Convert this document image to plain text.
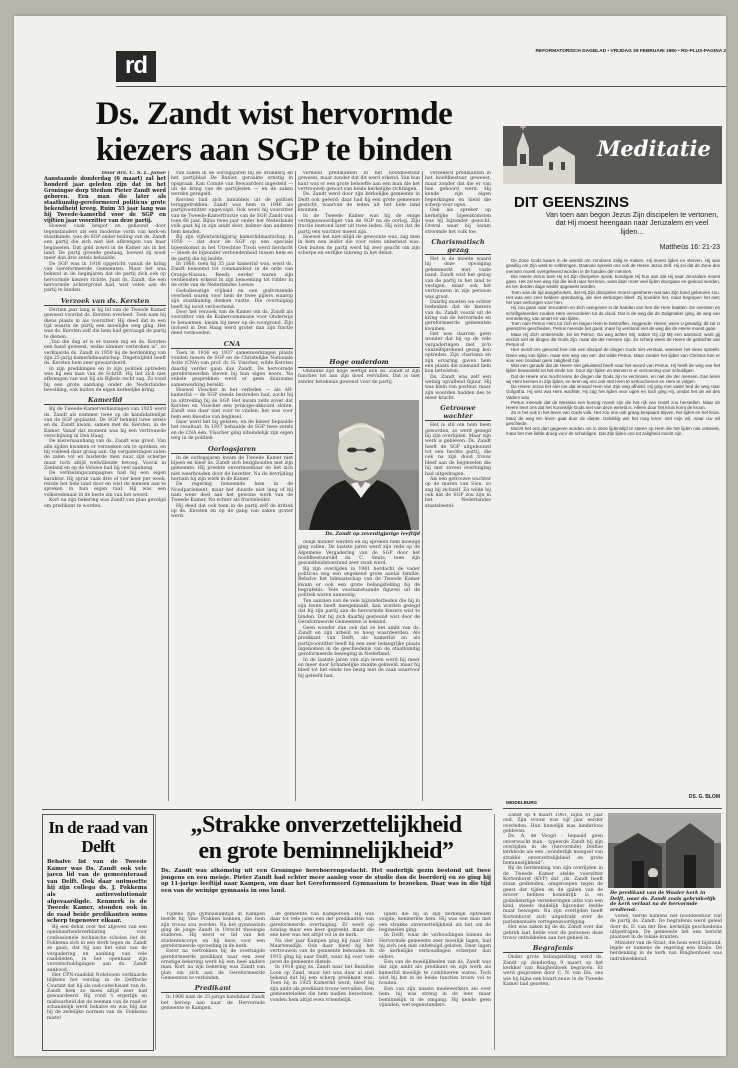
rd
REFORMATORISCH DAGBLAD • VRIJDAG 29 FEBRUARI 1980 • RD-PLUS-PAGINA 2
Ds. Zandt wist hervormde
kiezers aan SGP te binden
Door drs. C. S. L. Janse

Aanstaande donderdag (6 maart) zal het honderd jaar geleden zijn dat in het Groningse dorp Stedum Pieter Zandt werd geboren. Een man die later als staatkundig-gereformeerd politicus grote bekendheid kreeg. Ruim 35 jaar lang was hij Tweede-kamerlid voor de SGP en vijftien jaar voorzitter van deze partij.

Hoewel vaak bespot en gehoond door tegenstanders als een moderne vorm van kerk-en staatkunde, was de SGP onder leiding van ds. Zandt een partij die zich niet liet afbrengen van haar beginselen. Dat gold zowel in de Kamer als in het land. De partij groeide gestaag, hoewel zij nooit meer dan drie zetels behaalde.

De SGP was in 1918 opgericht vanuit de kring van Gereformeerde Gemeenten. Maar het was bekend in de beginjaren dat de partij zich ook op hervormde kiezers richtte. Juist ds. Zandt, die een hervormde achtergrond had, wist velen aan de partij te binden.

Verzoek van ds. Kersten

Dertien jaar lang is hij lid van de Tweede Kamer geweest voordat ds. Kersten overleed. Toen nam hij diens plaats in als voorzitter. Hij deed dat in een tijd waarin de partij een moeilijke weg ging. Het was ds. Kersten zelf die hem had gevraagd de partij te dienen.

„Van die dag af is er tussen mij en ds. Kersten een band geweest, welke nimmer verbroken is”, zo verklaarde ds. Zandt in 1950 bij de herdenking van zijn 25-jarig kamerlidmaatschap. Ongetwijfeld heeft ds. Kersten hem zeer gewaardeerd.

In zijn predikingen en in zijn politiek optreden was hij een man van de Schrift. Hij liet zich niet afbrengen van wat hij als Bijbels recht zag. Zo vond hij een grote aanhang onder de Nederlandse bevolking, ook buiten de eigen kerkelijke kring.

Kamerlid

Bij de Tweede-Kamerverkiezingen van 1925 werd ds. Zandt als nummer twee op de kandidatenlijst van de SGP geplaatst. De SGP behield twee zetels en ds. Zandt kwam, samen met ds. Kersten, in de Kamer. Vanaf dat moment was hij een vertrouwde verschijning in Den Haag.

De kiezersaanhang van ds. Zandt was groot. Van alle zijden kwamen er verzoeken om te spreken, en hij voldeed daar graag aan. Op vergaderingen zaten de zalen vol en luisterde men naar zijn scherpe maar toch altijd welwillende betoog. Vooral in Zeeland en op de Veluwe had hij veel aanhang.

De verkiezingscampagnes had hij een eigen karakter. Hij sprak vaak drie of vier keer per week, reisde het hele land door en wist de mensen aan te spreken in hun eigen taal. Hij was een volksredenaar in de beste zin van het woord.

Kort na zijn bekering was Zandt van plan gevolgd om predikant te worden.

van zaken in de oorlogsjaren bij de drukkerij en het partijblad De Banier, geraakte ernstig in opspraak. Kan Comité van Bewaarders ingesteld — uit de kring van de partijleden — en de zaken werden geregeld.

Kersten had zich inmiddels uit de politiek teruggetrokken. Zandt was hem in 1946 als partijvoorzitter opgevolgd. Ook werd hij voorzitter van de Tweede-Kamerfractie van de SGP. Zandt was toen 66 jaar. Bijna twee jaar onder het Nederlands volk gaat hij in zijn ambt door, kalmer dan anderen hem kenden.

Bij zijn vijfentwintigjarig kamerlidmaatschap in 1950 — dat door de SGP op een speciale bijeenkomst in het Utrechtse Tivoli werd herdacht — bleek de bijzonder verbondenheid tussen hem en de partij die hij leidde.

In 1960, toen hij 35 jaar kamerlid was, werd ds. Zandt benoemd tot commandeur in de orde van Oranje-Nassau. Reeds eerder waren zijn verdiensten erkend in zijn benoeming tot ridder in de orde van de Nederlandse Leeuw.

Godsdienstige vrijheid en een godvrezende overheid waren voor hem de twee pijlers waarop zijn staatkundig denken rustte. Die overtuiging heeft hij nooit verloochend.

Door het verzoek van de Kamer om ds. Zandt als voorzitter van de Kamercommissie voor Onderwijs te benoemen, kwam hij meer op de voorgrond. Zijn invloed in Den Haag werd groter dan zijn fractie deed vermoeden.

CNA

Toen in 1936 en 1937 samenwerkingen plaats vonden tussen de SGP en de Christelijke Nationale Actie (CNA) van prof. dr. H. Visscher, wilde Kersten daarbij verder gaan dan Zandt. De hervormde gereformeerden bleven bij hun eigen koers. Na enkele gesprekken werd er geen duurzame samenwerking bereikt.

Hoewel Visscher in het verleden — als AR-kamerlid — de SGP steeds bestreden had, zocht hij na uittreding bij de SGP. Het kwam zelfs zover dat Kersten en Visscher een principe-akkoord sloten. Zandt was daar niet voor te vinden; het was voor hem een kwestie van beginsel.

Daar werd het bij gelaten; en de kiezer bepaalde het resultaat. In 1937 behaalde de SGP twee zetels en de CNA één. Visscher ging uiteindelijk zijn eigen weg in de politiek.

Oorlogsjaren

In de oorlogsjaren kwam de Tweede Kamer niet bijeen en bleef ds. Zandt zich bezighouden met zijn gemeente. Hij preekte onvermoeibaar en liet zich niet weerhouden door de bezetter. Na de bevrijding hernam hij zijn werk in de Kamer.

De regering benoemde hem in de Noodparlement, maar het duurde niet lang of hij nam weer deel aan het gewone werk van de Tweede Kamer. Nu echter als fractieleider.

Hij deed dat ook toen in de partij zelf de kritiek op ds. Kersten en op de gang van zaken groter werd.

Hoge ouderdom

vermeld predikanten in het hoofdbestuur geweest, maar zonder dat dit werd erkend. Van hun kant was er een grote behoefte aan een man die het vertrouwen genoot van beide kerkelijke richtingen.

Ds. Zandt werd door zijn kerkelijke gemeente in Delft ook geëerd; daar had hij een grote gemeente gesticht, waarvan de leden uit het hele land kwamen.

In de Tweede Kamer was hij de enige vertegenwoordiger van de SGP na de oorlog. Zijn fractie bestond later uit twee leden. Hij wist dat de partij een wachter moest zijn.

Hoewel het niet altijd de gewoonte was, zag men in hem een leider die voor velen onbetwist was. Ook buiten de partij werd hij zeer geacht om zijn scherpe en eerlijke inbreng in het debat.

Ondanks zijn hoge leeftijd kon ds. Zandt al zijn functies tot aan zijn dood vervullen. Dat is niet zonder betekenis geweest voor de partij.

Ds. Zandt op zeventigjarige leeftijd

delijk minder werden en hij spreken hem moeilijk ging vallen. De laatste jaren werd zijn rede op de Algemene Vergadering van de SGP door het hoofdbestuurslid ds. C. Smits, toen zijn gezondheidstoestand zeer zwak werd.

Bij zijn overlijden in 1961 herdacht de vader politicus nog een ongekend grote aantal familie. Behalve het lidmaatschap van de Tweede Kamer kwam er ook een grote belangstelling bij de begrafenis. Vele vooraanstaande figuren uit de politiek waren aanwezig.

Ten aanzien van de vele bijzonderheden die hij in zijn leven heeft meegemaakt, kan worden gezegd dat hij zijn partij aan de hervormde kiezers wist te binden. Dat hij zich daarbij gesteund wist door de Gereformeerde Gemeenten is bekend.

Geen wonder dan ook dat ze het ambt van ds. Zandt en zijn arbeid zo hoog waardeerden. Als predikant van Delft, als kamerlid en als partijvoorzitter heeft hij een zeer belangrijke plaats ingenomen in de geschiedenis van de staatkundig gereformeerde beweging in Nederland.

In de laatste jaren van zijn leven werd hij meer en meer door lichamelijke zwakte gekweld, maar hij bleef tot het einde toe bezig met de zaak waarvoor hij geleefd had.

verzekerd predikanten in het hoofdbestuur geweest, maar zonder dat die er van hen gehoord werd. Hij kende zijn eigen beperkingen en hield die scherp voor ogen.

Ook als spreker op kerkelijke bijeenkomsten was hij bijzonder gezocht. Overal waar hij kwam stroomde het volk toe.

Charismatisch gezag

Het is de moeite waard hij deze opvolging gekenmerkt met vaste hand. Zandt wist het gezag van de partij in het land te vestigen, maar ook het vertrouwen in zijn persoon was groot.

Daarbij moeten we echter bedenken dat de kiezers van ds. Zandt vooral uit de kring van de hervormde en gereformeerde gemeenten kwamen.

Het was daarom geen wonder dat hij op de vele vergaderingen met zo'n vanzelfsprekend gezag kon optreden. Zijn charisma en zijn ervaring gaven hem een plaats die niemand hem kon betwisten.

Ds. Zandt was zelf een weinig opvallend figuur. Hij was klein van postuur, maar zijn woorden hadden des te meer kracht.

Getrouwe wachter

Het is stil om hem heen geworden, zo werd gezegd bij zijn overlijden. Maar zijn werk is gebleven. Ds. Zandt heeft de SGP uitgebouwd tot een hechte partij, die ook na zijn dood trouw bleef aan de beginselen die hij met zoveel overtuiging had uitgedragen.

Als een getrouwe wachter op de muren van Sion, zo zag hij zichzelf. Zo wilde hij ook dat de SGP zou zijn in het Nederlandse staatsbestel.

In de raad van Delft

Behalve lid van de Tweede Kamer was Ds. Zandt ook vele jaren lid van de gemeenteraad van Delft. Ook daar ontmoette hij zijn collega ds. J. Fokkema als antirevolutionair afgevaardigde. Kenmerk is de Tweede Kamer, stonden ook in de raad beide predikanten soms scherp tegenover elkaar.

Bij een debat over het afgeven van een openbaarheidsverklaring voor confessionele technische scholen liet ds. Fokkema zich in een sterk tegen ds. Zandt ze gaan, dat hij aan het eind van de vergadering en aanhing van vele raadsleden, in het openbaar zijn verontschuldigingen aan ds. Zandt aanbood.

Het CPN-raadslid Noteboom verklaarde blijkens het verslag in de Delftsche Courant dat hij als oud-catechisant van ds. Zandt hem zo moes altijd zeer had gewaardeerd. Hij vond 't ergerlijk en misbaarheid dat de zeeman van de raad er schandelijk werd behalve en was blij dat hij de zedelijke normen van ds. Fokkema miste!

„Strakke onverzettelijkheid
en grote beminnelijkheid”

Ds. Zandt was afkomstig uit een Groningse hereboerengeslacht. Het ouderlijk gezin bestond uit twee jongens en een meisje. Pieter Zandt had echter meer aanleg voor de studie dan de boerderij en zo ging hij op 11-jarige leeftijd naar Kampen, om daar het Gereformeerd Gymnasium te bezoeken. Daar was in die tijd een van de weinige gymnasia in ons land.

Tijdens zijn gymnasiumtijd in Kampen leerde hij Yme Prakken kennen, die hem zijn vrouw zou worden. Na het gymnasium ging de jonge Zandt in Utrecht theologie studeren. Hij werd er lid van het studentencorps en hij koos voor een gereformeerde opvoeding in de kerk.

Eerst na vertrekken bij de overtuigde gereformeerde predikant naar een zeer ernstige bekering werd hij een heel andere man. Kort na zijn bekering was Zandt van plan om zich aan de Gereformeerde Gemeenten te verbinden.

Predikant

In 1906 nam de 25-jarige kandidaat Zandt het beroep aan naar de Hervormde gemeente te Kampen.

de gemeente van Kampereen. Hij was daar tot vele jaren een der predikanten van gereformeerde overtuiging. Er werd op zondag maar een keer gepreekt, maar die ene keer was het altijd vol in de kerk.

Na vier jaar Kampen ging hij naar Sint-Maartensdijk. Ook daar bleef hij het vertrouwen van de gemeente behouden. In 1915 ging hij naar Delft, waar hij voor vele jaren de gemeente diende.

In 1918 ging ds. Zandt naar het Bezaltse Loon op Zand, maar het was daar al snel bekend dat hij een scherp predikant was. Toen hij in 1925 Kamerlid werd, bleef hij zijn ambt als predikant trouw vervullen. Een gemeenteleden die hem nadien bezochten, vonden hem altijd even vriendelijk.

lijnen die hij in zijn kerkelijk optreden volgde, kenmerkte hem. Hij was een man met een strakke onverzettelijkheid als het om de beginselen ging.

In Delft, waar de verhoudingen binnen de Hervormde gemeente zeer moeilijk lagen, had hij zich ook niet onbetuigd gelaten. Daar lagen de kerkelijke verhoudingen scherper dan elders.

Een van de moeilijkheden van ds. Zandt was dat zijn ambt als predikant en zijn werk als kamerlid moeilijk te combineren waren. Toch wist hij het in de beide functies trouw vol te houden.

Een van zijn naaste medewerkers zei over hem: hij was streng in de leer, maar beminnelijk in de omgang. Hij kende geen vijanden, wel tegenstanders.

Meditatie
DIT GEENSZINS
Van toen aan begon Jezus Zijn discipelen te vertonen, dat Hij moest heengaan naar Jeruzalem en veel lijden...
Mattheüs 16: 21-23

De Zone Gods kwam in de wereld om zondaren zalig te maken. Hij moest lijden en sterven. Hij was gewillig om Zijn werk te volbrengen. Daarvan spreekt ons ook de Heere Jezus Zelf. Hij zei dat de Zone des mensen moest overgeleverd worden in de handen der mensen.

Die Heere Jezus toen Hij tot Zijn discipelen sprak, kondigde Hij hun aan dat Hij naar Jeruzalem moest gaan. Het zal een weg zijn die leidt naar het kruis, want daar moet veel lijden doorgaan en gedood worden, en ten derden dage weder opgewekt worden.

Toen was de tijd aangebroken, dat Hij Zijn discipelen moest openbaren wat aan Zijn hand gebeuren zou. Het was een zeer heldere openbaring, die niet verborgen bleef. Zij hoorden het, maar begrepen het niet; het was verborgen voor hen.

Hij zou gaan naar Jeruzalem en Zich overgeven in de handen van hen die Hem haatten. De oversten en schriftgeleerden zouden Hem veroordelen tot de dood. Dat is de weg die de Zaligmaker ging, de weg van vernedering, van smart en van lijden.

Toen nam Petrus Hem tot zich en begon Hem te bestraffen, zeggende: Heere, wees U genadig; dit zal U geenszins geschieden. Petrus meende het goed, maar hij verstond niet de weg die de Heere moest gaan.

Maar Hij Zich omkerende, zei tot Petrus: Ga weg achter Mij, satan! Gij zijt Mij een aanstoot; want gij verzint niet de dingen die Gods zijn, maar die der mensen zijn. Zo scherp wees de Heere de gedachte van Petrus af.

Hier wordt ons getoond hoe ook een discipel de dingen Gods niet verstaat, wanneer het vlees spreekt. Geen weg van lijden, maar een weg van eer; dat wilde Petrus. Maar zonder het lijden van Christus kan er voor een zondaar geen zaligheid zijn.

Wat een genade dat de Heere niet geluisterd heeft naar het woord van Petrus. Hij heeft de weg van het lijden bewandeld tot het einde toe. Door Zijn lijden en sterven is er verzoening voor schuldigen.

Dat de Heere ons mocht leren de dingen die Gods zijn te verzinnen, en niet die der mensen. Dan leren wij Hem kennen in Zijn lijden, en leren wij ons ook met Hem te verloochenen en Hem te volgen.

De Heere Jezus liet niet toe dat iemand Hem van Zijn weg afhield. Hij ging met vaste tred de weg naar Golgotha. Hij wist wat Hem wachtte; Hij zag het lijden voor ogen en toch ging Hij, omdat het de wil des Vaders was.

Petrus meende dat de Messias een koning moest zijn die het rijk van Israël zou herstellen. Maar de Heere leert ons dat het Koninkrijk Gods niet van deze wereld is. Alleen door het kruis komt de kroon.

Zo is het ook in het leven van Gods volk. Het zou ons ook graag bespaard blijven, het lijden en het kruis. Maar de weg ten leven gaat door de diepte. Gelukkig wie het mag leren: niet mijn wil, maar Uw wil geschiede.

Mocht het ons dan gegeven worden om in deze lijdenstijd te staren op Hem die het lijden niet ontweek, maar het met liefde droeg voor de schuldigen. Dat Zijn lijden ons tot zaligheid mocht zijn.

MIDDELBURG
DS. G. BLOM

Zandt op 4 maart 1961, bijna 81 jaar oud. Zijn vrouw was vijf jaar eerder overleden. Hun huwelijk was kinderloos gebleven.

Ds. A. de Voogd - bepaald geen onverwacht man - typeerde Zandt bij zijn overlijden in de (hervormde) Delftse kerkbode als een „wonderlijk mengsel van strakke onverzettelijkheid en grote beminnelijkheid”.

Bij de herdenking van zijn overlijden in de Tweede Kamer stelde voorzitter Kortenhorst (KVP) dat „ds. Zandt heeft staan gedienden, omgeroepen tegen de geest der tijden en de gaben van de erover hebben koninkrijk is en godsdienstige verzekeringen uitte van een kind, steeds duidelijk bijzonder leefde maar bewogen. Na zijn overlijden heeft Kortenhorst zich uitgedrukt over de parlementaire vertegenwoordiging.

Het was zaken bij de ds. Zandt over dat gebrek laat liefde voor de personen deze trouw ontwikkelen aan het gebied in.

Begrafenis

Onder grote belangstelling werd ds. Zandt op donderdag 9 maart op het kerkhof van Ruighenhoek begraven. Er werd gesproken door C. N. van Dis, ons wie hij bijna een kwart eeuw in de Tweede Kamer had gezeten.

De predikant van de Waaler kerk in Delft, waar ds. Zandt zoals gebruikelijk de kerk verlaat na de hervormde eredienst.

voren, vierde namens het hoofdbestuur van de partij ds. Zandt. De begrafenis werd geleid door ds. D. van der Ree, kerkelijk geschiedenis uitgedragen. De gemeente liet een bericht plaatsen in de lokale kranten.

Minister van de Staat, die hem werd bijstand, legde er namens de regering een krans. De herdenking in de kerk van Ruighenhoek was indrukwekkend.
